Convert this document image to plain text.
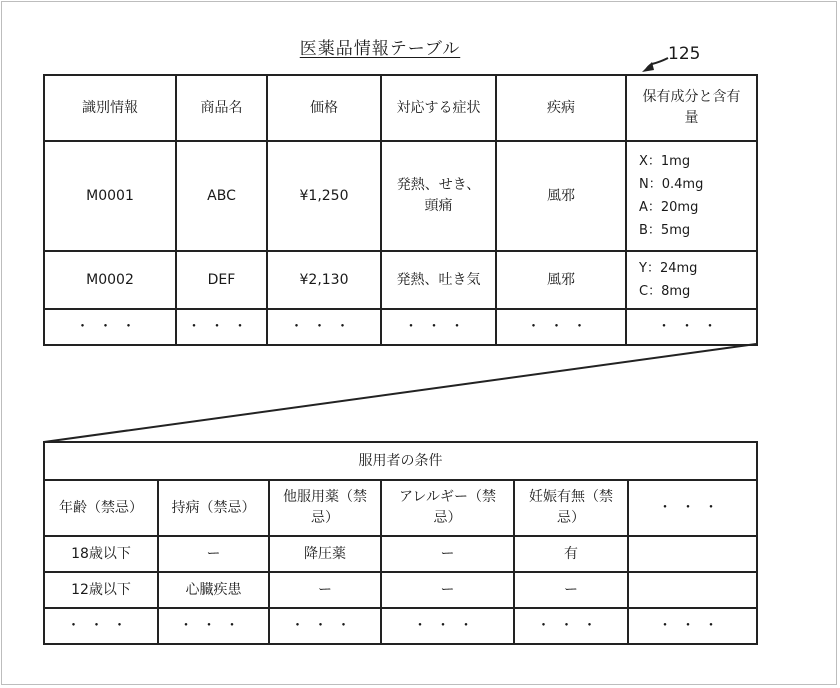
医薬品情報テーブル	125
識別情報	商品名	価格	対応する症状	疾病	保有成分と含有量
M0001	ABC	¥1,250	発熱、せき、頭痛	風邪	X：1mg
N：0.4mg
A：20mg
B：5mg

M0002	DEF	¥2,130	発熱、吐き気	風邪	Y：24mg
C：8mg

・・・	・・・	・・・	・・・	・・・	・・・
服用者の条件					
年齢（禁忌）	持病（禁忌）	他服用薬（禁忌）	アレルギー（禁忌）	妊娠有無（禁忌）	・・・
18歳以下	ー	降圧薬	ー	有	
12歳以下	心臓疾患	ー	ー	ー	
・・・	・・・	・・・	・・・	・・・	・・・
